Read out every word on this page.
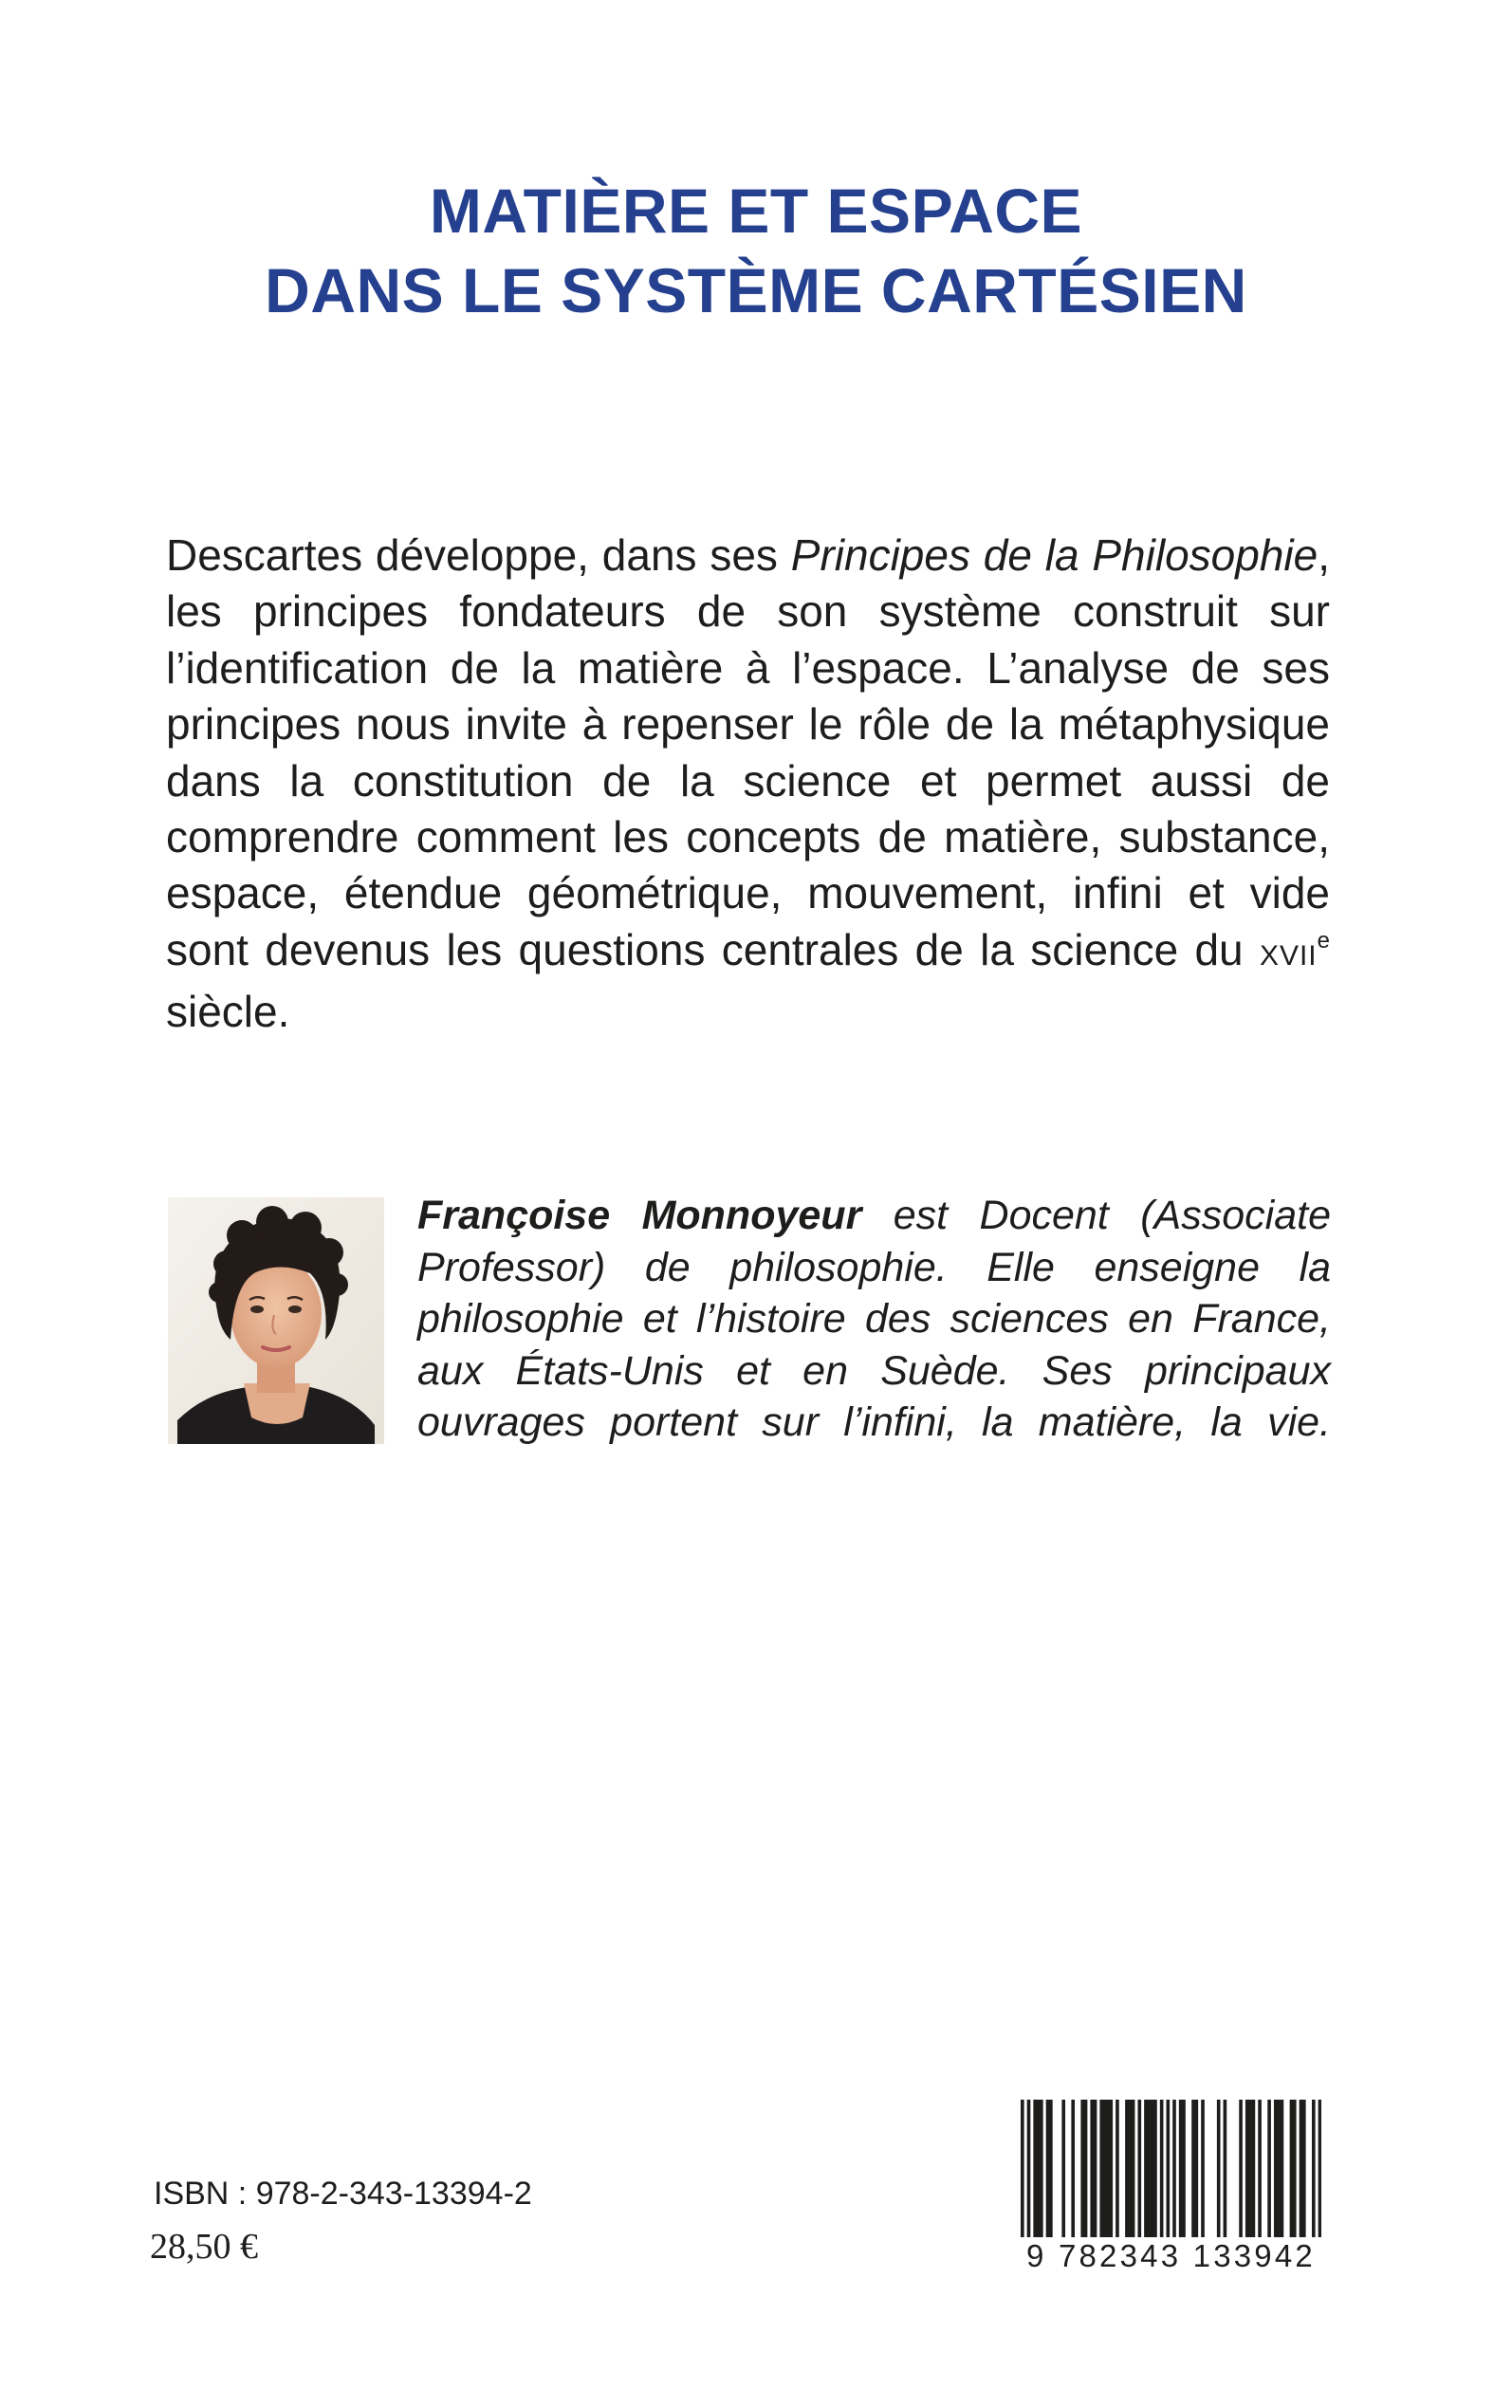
MATIÈRE ET ESPACE
DANS LE SYSTÈME CARTÉSIEN

Descartes développe, dans ses Principes de la Philosophie, les principes fondateurs de son système construit sur l’identification de la matière à l’espace. L’analyse de ses principes nous invite à repenser le rôle de la métaphysique dans la constitution de la science et permet aussi de comprendre comment les concepts de matière, substance, espace, étendue géométrique, mouvement, infini et vide sont devenus les questions centrales de la science du XVIIe siècle.

Françoise Monnoyeur est Docent (Associate Professor) de philosophie. Elle enseigne la philosophie et l’histoire des sciences en France, aux États-Unis et en Suède. Ses principaux ouvrages portent sur l’infini, la matière, la vie.

ISBN : 978-2-343-13394-2
28,50 €	9 782343 133942
